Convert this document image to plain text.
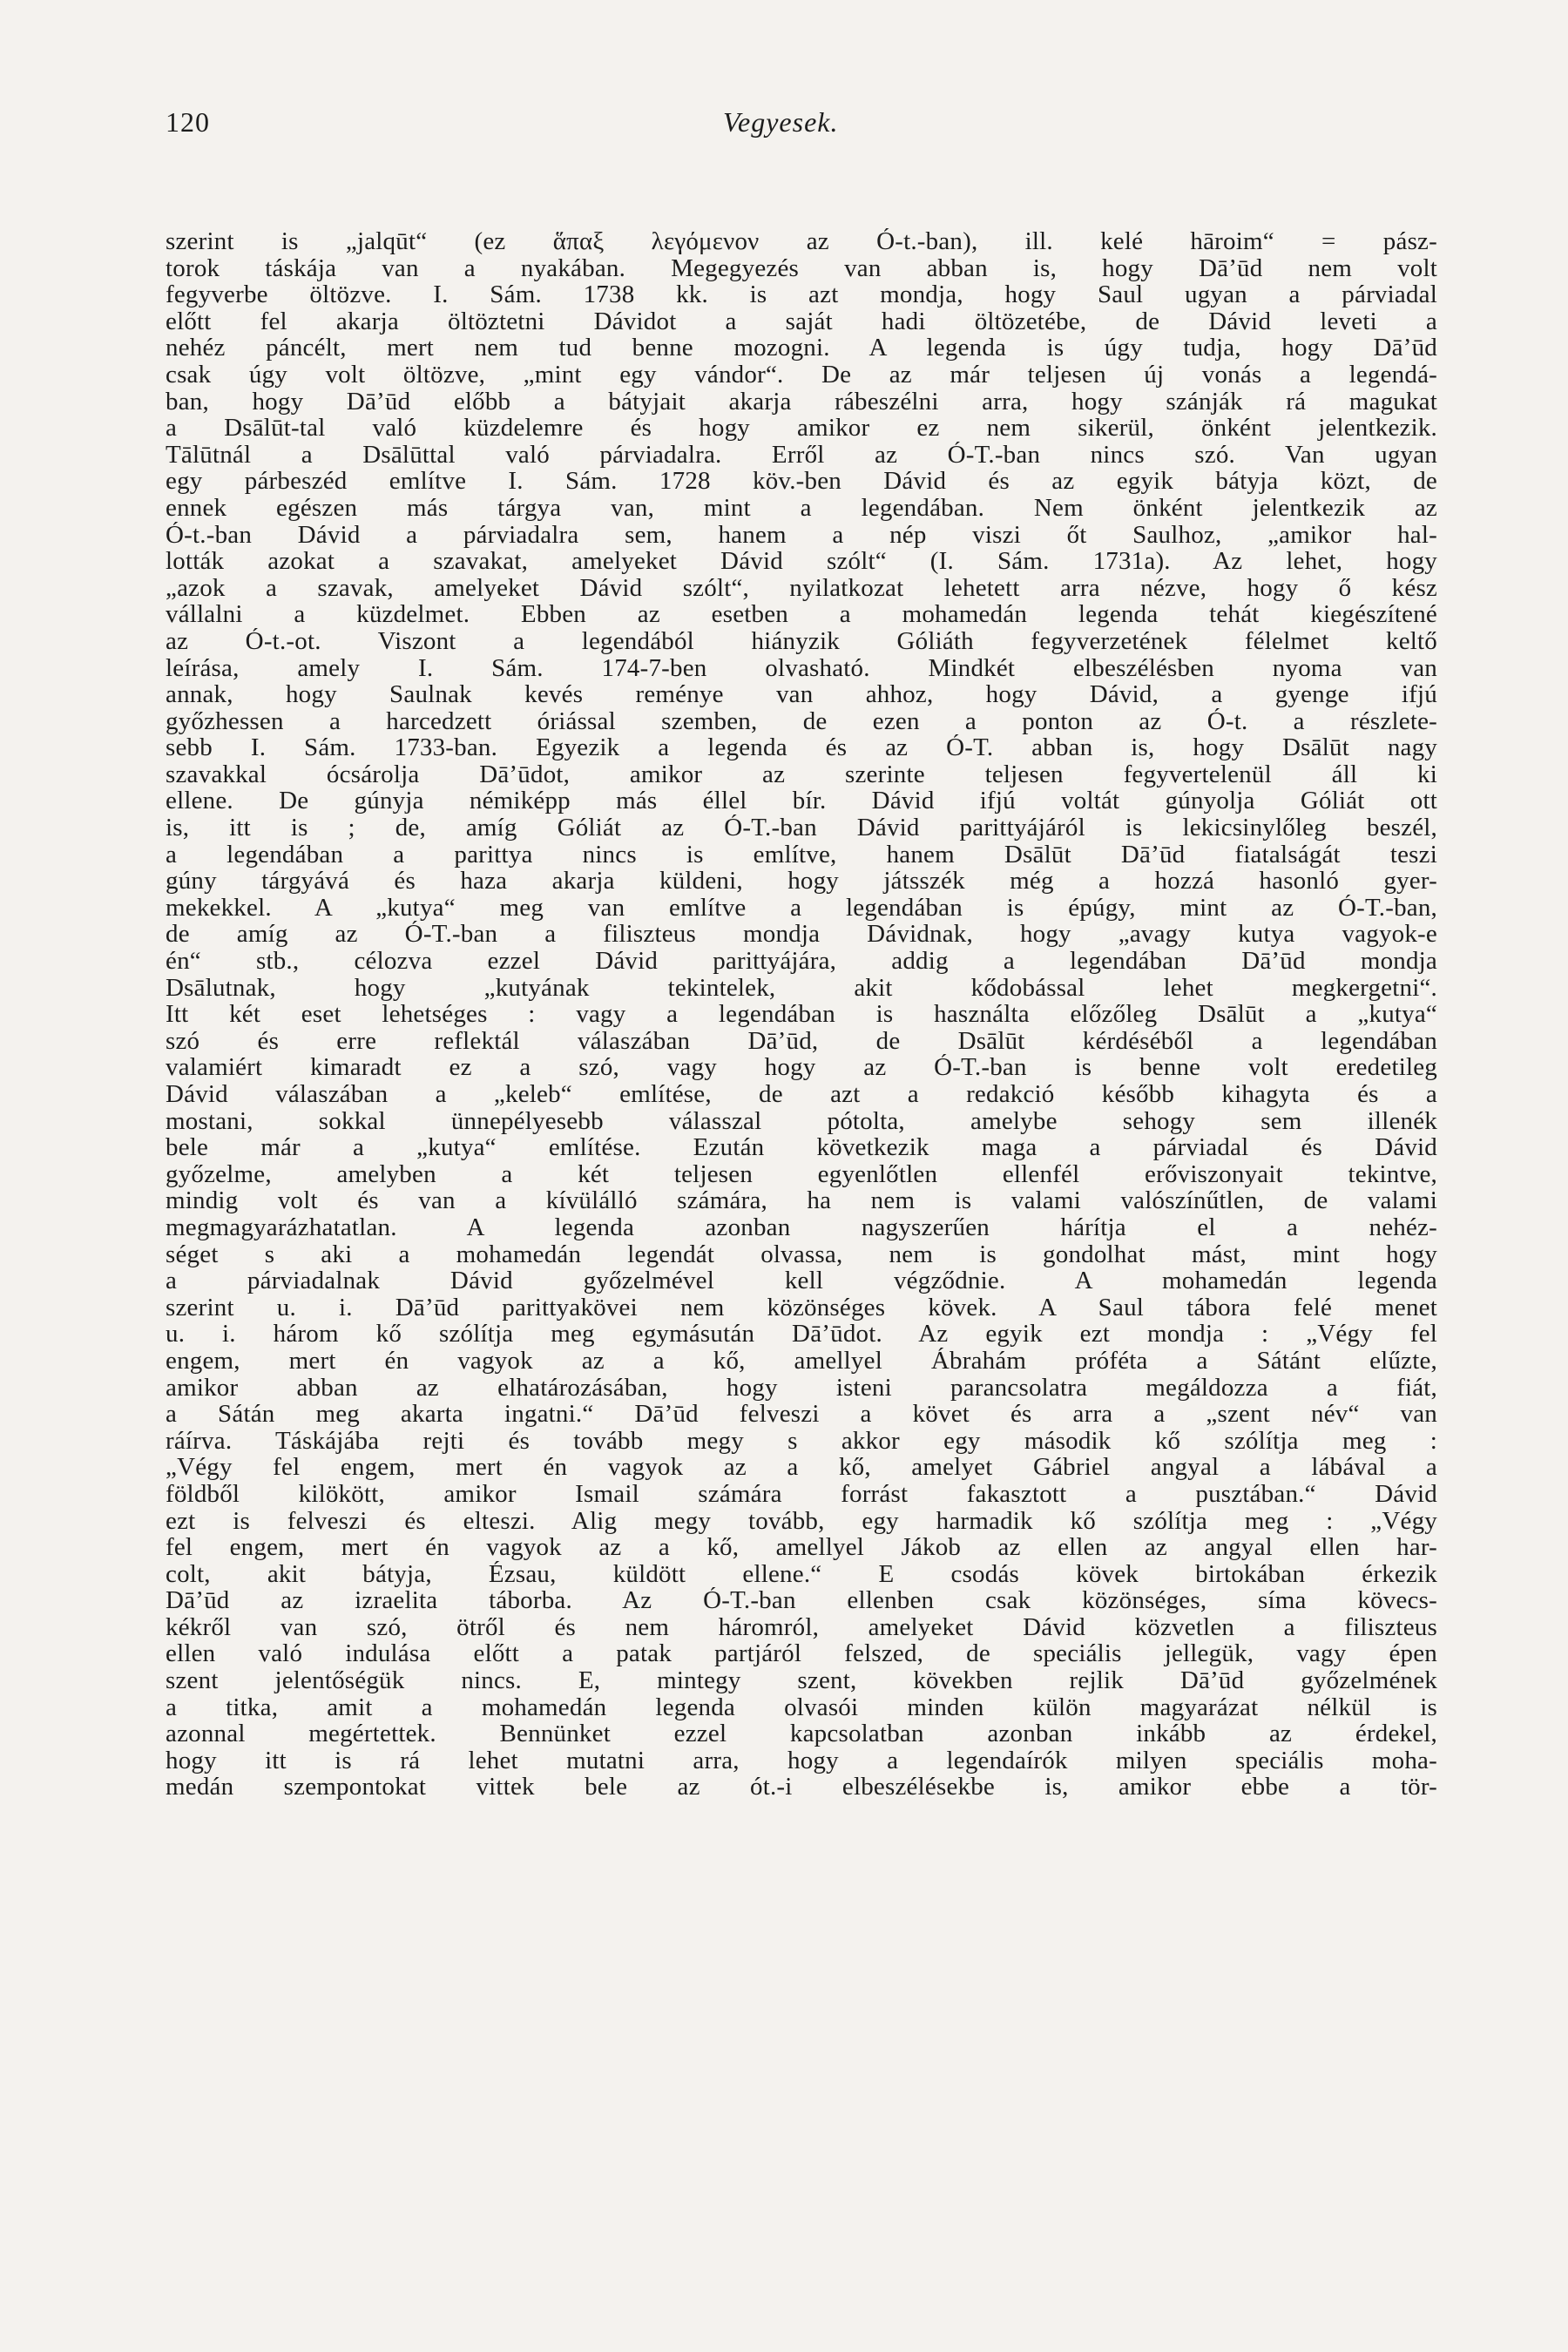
120	Vegyesek.
szerint is „jalqūt“ (ez ἅπαξ λεγόμενον az Ó-t.-ban), ill. kelé hāroim“ = pász-
torok táskája van a nyakában. Megegyezés van abban is, hogy Dā’ūd nem volt
fegyverbe öltözve. I. Sám. 1738 kk. is azt mondja, hogy Saul ugyan a párviadal
előtt fel akarja öltöztetni Dávidot a saját hadi öltözetébe, de Dávid leveti a
nehéz páncélt, mert nem tud benne mozogni. A legenda is úgy tudja, hogy Dā’ūd
csak úgy volt öltözve, „mint egy vándor“. De az már teljesen új vonás a legendá-
ban, hogy Dā’ūd előbb a bátyjait akarja rábeszélni arra, hogy szánják rá magukat
a Dsālūt-tal való küzdelemre és hogy amikor ez nem sikerül, önként jelentkezik.
Tālūtnál a Dsālūttal való párviadalra. Erről az Ó-T.-ban nincs szó. Van ugyan
egy párbeszéd említve I. Sám. 1728 köv.-ben Dávid és az egyik bátyja közt, de
ennek egészen más tárgya van, mint a legendában. Nem önként jelentkezik az
Ó-t.-ban Dávid a párviadalra sem, hanem a nép viszi őt Saulhoz, „amikor hal-
lották azokat a szavakat, amelyeket Dávid szólt“ (I. Sám. 1731a). Az lehet, hogy
„azok a szavak, amelyeket Dávid szólt“, nyilatkozat lehetett arra nézve, hogy ő kész
vállalni a küzdelmet. Ebben az esetben a mohamedán legenda tehát kiegészítené
az Ó-t.-ot. Viszont a legendából hiányzik Góliáth fegyverzetének félelmet keltő
leírása, amely I. Sám. 174-7-ben olvasható. Mindkét elbeszélésben nyoma van
annak, hogy Saulnak kevés reménye van ahhoz, hogy Dávid, a gyenge ifjú
győzhessen a harcedzett óriással szemben, de ezen a ponton az Ó-t. a részlete-
sebb I. Sám. 1733-ban. Egyezik a legenda és az Ó-T. abban is, hogy Dsālūt nagy
szavakkal ócsárolja Dā’ūdot, amikor az szerinte teljesen fegyvertelenül áll ki
ellene. De gúnyja némiképp más éllel bír. Dávid ifjú voltát gúnyolja Góliát ott
is, itt is ; de, amíg Góliát az Ó-T.-ban Dávid parittyájáról is lekicsinylőleg beszél,
a legendában a parittya nincs is említve, hanem Dsālūt Dā’ūd fiatalságát teszi
gúny tárgyává és haza akarja küldeni, hogy játsszék még a hozzá hasonló gyer-
mekekkel. A „kutya“ meg van említve a legendában is épúgy, mint az Ó-T.-ban,
de amíg az Ó-T.-ban a filiszteus mondja Dávidnak, hogy „avagy kutya vagyok-e
én“ stb., célozva ezzel Dávid parittyájára, addig a legendában Dā’ūd mondja
Dsālutnak, hogy „kutyának tekintelek, akit kődobással lehet megkergetni“.
Itt két eset lehetséges : vagy a legendában is használta előzőleg Dsālūt a „kutya“
szó és erre reflektál válaszában Dā’ūd, de Dsālūt kérdéséből a legendában
valamiért kimaradt ez a szó, vagy hogy az Ó-T.-ban is benne volt eredetileg
Dávid válaszában a „keleb“ említése, de azt a redakció később kihagyta és a
mostani, sokkal ünnepélyesebb válasszal pótolta, amelybe sehogy sem illenék
bele már a „kutya“ említése. Ezután következik maga a párviadal és Dávid
győzelme, amelyben a két teljesen egyenlőtlen ellenfél erőviszonyait tekintve,
mindig volt és van a kívülálló számára, ha nem is valami valószínűtlen, de valami
megmagyarázhatatlan. A legenda azonban nagyszerűen hárítja el a nehéz-
séget s aki a mohamedán legendát olvassa, nem is gondolhat mást, mint hogy
a párviadalnak Dávid győzelmével kell végződnie. A mohamedán legenda
szerint u. i. Dā’ūd parittyakövei nem közönséges kövek. A Saul tábora felé menet
u. i. három kő szólítja meg egymásután Dā’ūdot. Az egyik ezt mondja : „Végy fel
engem, mert én vagyok az a kő, amellyel Ábrahám próféta a Sátánt elűzte,
amikor abban az elhatározásában, hogy isteni parancsolatra megáldozza a fiát,
a Sátán meg akarta ingatni.“ Dā’ūd felveszi a követ és arra a „szent név“ van
ráírva. Táskájába rejti és tovább megy s akkor egy második kő szólítja meg :
„Végy fel engem, mert én vagyok az a kő, amelyet Gábriel angyal a lábával a
földből kilökött, amikor Ismail számára forrást fakasztott a pusztában.“ Dávid
ezt is felveszi és elteszi. Alig megy tovább, egy harmadik kő szólítja meg : „Végy
fel engem, mert én vagyok az a kő, amellyel Jákob az ellen az angyal ellen har-
colt, akit bátyja, Ézsau, küldött ellene.“ E csodás kövek birtokában érkezik
Dā’ūd az izraelita táborba. Az Ó-T.-ban ellenben csak közönséges, síma kövecs-
kékről van szó, ötről és nem háromról, amelyeket Dávid közvetlen a filiszteus
ellen való indulása előtt a patak partjáról felszed, de speciális jellegük, vagy épen
szent jelentőségük nincs. E, mintegy szent, kövekben rejlik Dā’ūd győzelmének
a titka, amit a mohamedán legenda olvasói minden külön magyarázat nélkül is
azonnal megértettek. Bennünket ezzel kapcsolatban azonban inkább az érdekel,
hogy itt is rá lehet mutatni arra, hogy a legendaírók milyen speciális moha-
medán szempontokat vittek bele az ót.-i elbeszélésekbe is, amikor ebbe a tör-
